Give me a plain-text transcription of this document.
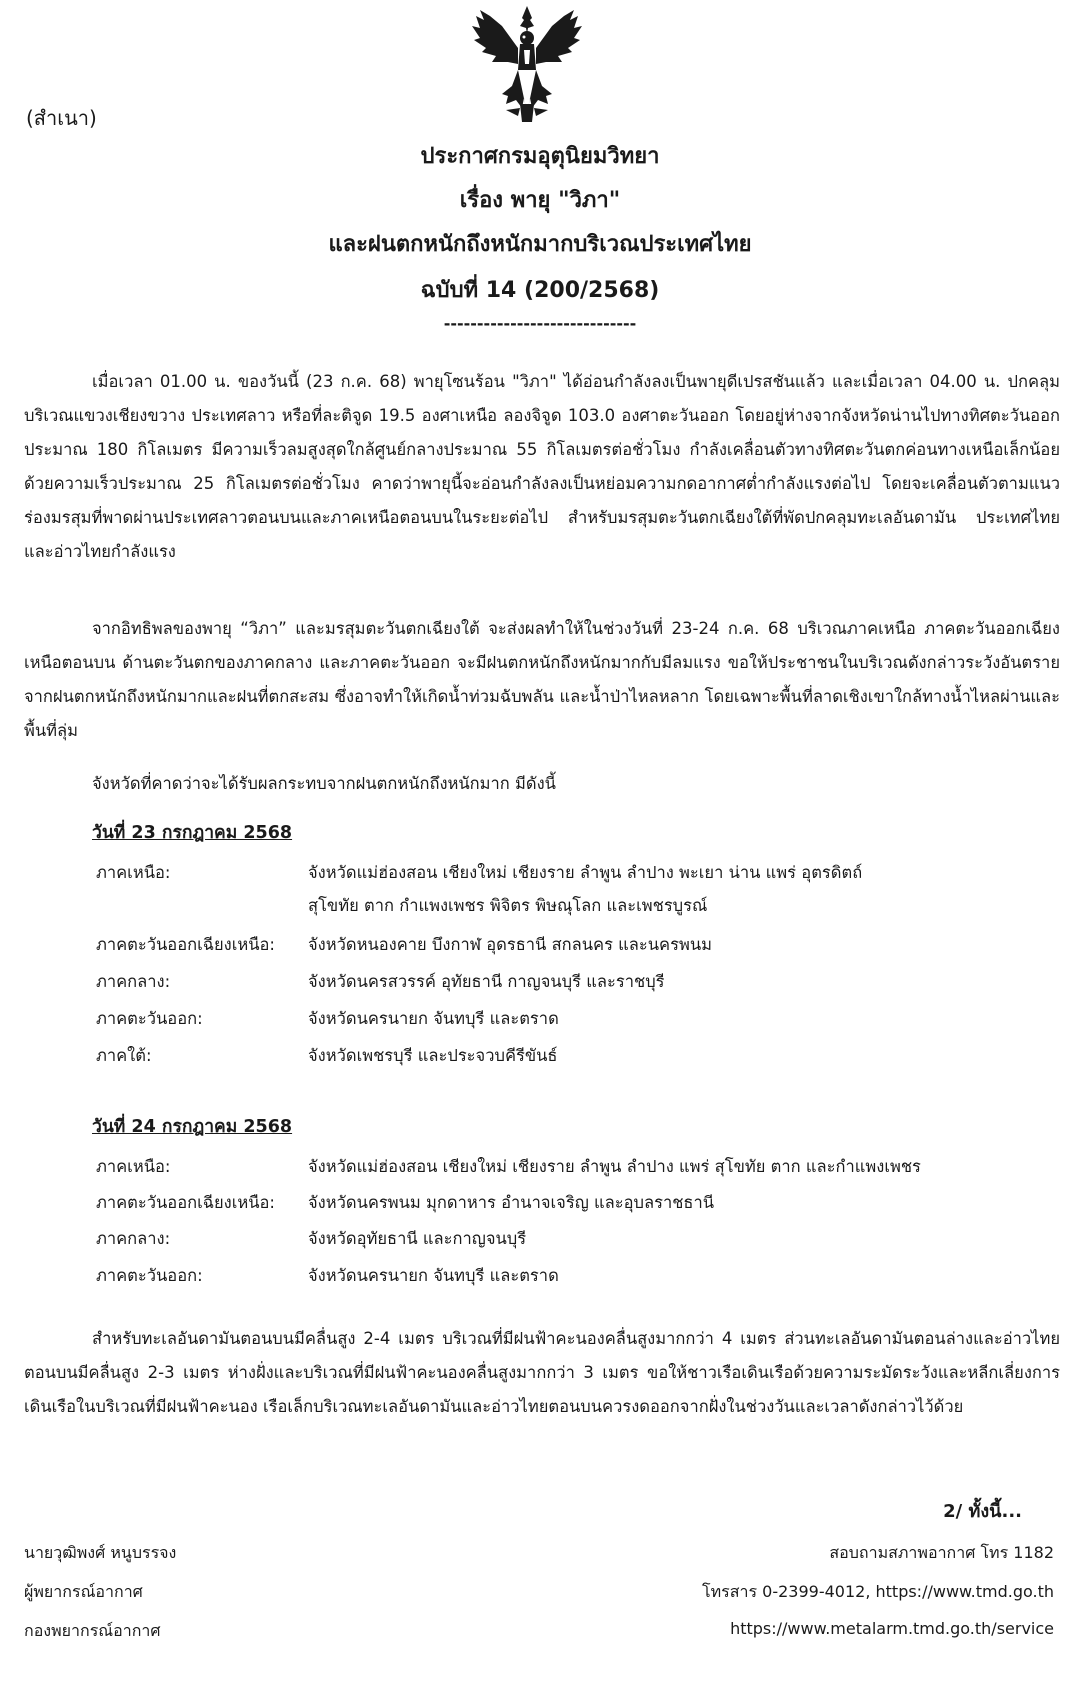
(สำเนา)

ประกาศกรมอุตุนิยมวิทยา

เรื่อง พายุ "วิภา"

และฝนตกหนักถึงหนักมากบริเวณประเทศไทย

ฉบับที่ 14 (200/2568)

-----------------------------

เมื่อเวลา 01.00 น. ของวันนี้ (23 ก.ค. 68) พายุโซนร้อน "วิภา" ได้อ่อนกำลังลงเป็นพายุดีเปรสชันแล้ว และเมื่อเวลา 04.00 น. ปกคลุมบริเวณแขวงเชียงขวาง ประเทศลาว หรือที่ละติจูด 19.5 องศาเหนือ ลองจิจูด 103.0 องศาตะวันออก โดยอยู่ห่างจากจังหวัดน่านไปทางทิศตะวันออก ประมาณ 180 กิโลเมตร มีความเร็วลมสูงสุดใกล้ศูนย์กลางประมาณ 55 กิโลเมตรต่อชั่วโมง กำลังเคลื่อนตัวทางทิศตะวันตกค่อนทางเหนือเล็กน้อย ด้วยความเร็วประมาณ 25 กิโลเมตรต่อชั่วโมง คาดว่าพายุนี้จะอ่อนกำลังลงเป็นหย่อมความกดอากาศต่ำกำลังแรงต่อไป โดยจะเคลื่อนตัวตามแนวร่องมรสุมที่พาดผ่านประเทศลาวตอนบนและภาคเหนือตอนบนในระยะต่อไป สำหรับมรสุมตะวันตกเฉียงใต้ที่พัดปกคลุมทะเลอันดามัน ประเทศไทย และอ่าวไทยกำลังแรง

จากอิทธิพลของพายุ “วิภา” และมรสุมตะวันตกเฉียงใต้ จะส่งผลทำให้ในช่วงวันที่ 23-24 ก.ค. 68 บริเวณภาคเหนือ ภาคตะวันออกเฉียงเหนือตอนบน ด้านตะวันตกของภาคกลาง และภาคตะวันออก จะมีฝนตกหนักถึงหนักมากกับมีลมแรง ขอให้ประชาชนในบริเวณดังกล่าวระวังอันตรายจากฝนตกหนักถึงหนักมากและฝนที่ตกสะสม ซึ่งอาจทำให้เกิดน้ำท่วมฉับพลัน และน้ำป่าไหลหลาก โดยเฉพาะพื้นที่ลาดเชิงเขาใกล้ทางน้ำไหลผ่านและพื้นที่ลุ่ม

จังหวัดที่คาดว่าจะได้รับผลกระทบจากฝนตกหนักถึงหนักมาก มีดังนี้

วันที่ 23 กรกฎาคม 2568

ภาคเหนือ:	จังหวัดแม่ฮ่องสอน เชียงใหม่ เชียงราย ลำพูน ลำปาง พะเยา น่าน แพร่ อุตรดิตถ์
สุโขทัย ตาก กำแพงเพชร พิจิตร พิษณุโลก และเพชรบูรณ์
ภาคตะวันออกเฉียงเหนือ:	จังหวัดหนองคาย บึงกาฬ อุดรธานี สกลนคร และนครพนม
ภาคกลาง:	จังหวัดนครสวรรค์ อุทัยธานี กาญจนบุรี และราชบุรี
ภาคตะวันออก:	จังหวัดนครนายก จันทบุรี และตราด
ภาคใต้:	จังหวัดเพชรบุรี และประจวบคีรีขันธ์

วันที่ 24 กรกฎาคม 2568

ภาคเหนือ:	จังหวัดแม่ฮ่องสอน เชียงใหม่ เชียงราย ลำพูน ลำปาง แพร่ สุโขทัย ตาก และกำแพงเพชร
ภาคตะวันออกเฉียงเหนือ:	จังหวัดนครพนม มุกดาหาร อำนาจเจริญ และอุบลราชธานี
ภาคกลาง:	จังหวัดอุทัยธานี และกาญจนบุรี
ภาคตะวันออก:	จังหวัดนครนายก จันทบุรี และตราด

สำหรับทะเลอันดามันตอนบนมีคลื่นสูง 2-4 เมตร บริเวณที่มีฝนฟ้าคะนองคลื่นสูงมากกว่า 4 เมตร ส่วนทะเลอันดามันตอนล่างและอ่าวไทยตอนบนมีคลื่นสูง 2-3 เมตร ห่างฝั่งและบริเวณที่มีฝนฟ้าคะนองคลื่นสูงมากกว่า 3 เมตร ขอให้ชาวเรือเดินเรือด้วยความระมัดระวังและหลีกเลี่ยงการเดินเรือในบริเวณที่มีฝนฟ้าคะนอง เรือเล็กบริเวณทะเลอันดามันและอ่าวไทยตอนบนควรงดออกจากฝั่งในช่วงวันและเวลาดังกล่าวไว้ด้วย

2/ ทั้งนี้...

นายวุฒิพงศ์ หนูบรรจง

ผู้พยากรณ์อากาศ

กองพยากรณ์อากาศ

สอบถามสภาพอากาศ โทร 1182

โทรสาร 0-2399-4012, https://www.tmd.go.th

https://www.metalarm.tmd.go.th/service
